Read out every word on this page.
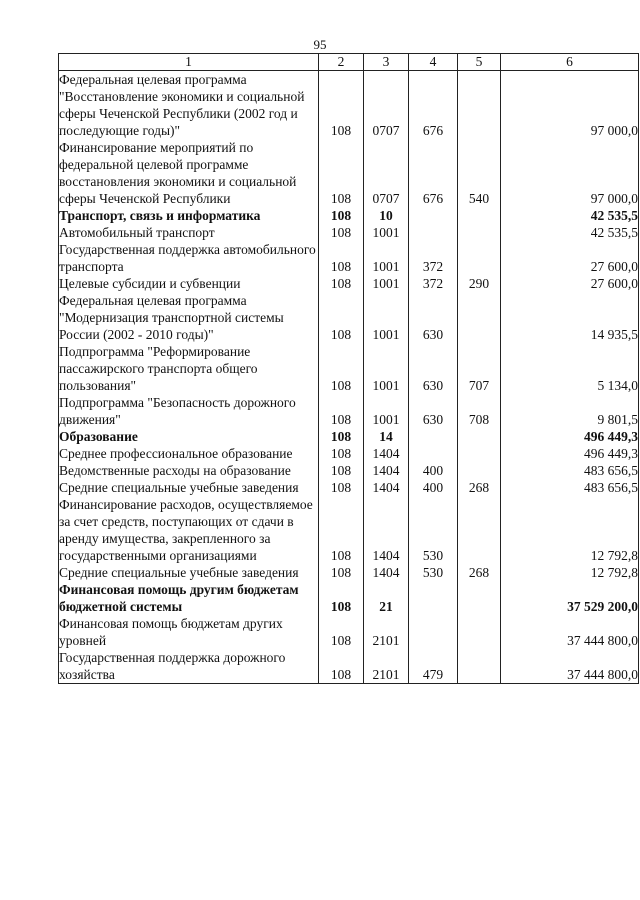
95
1	2	3	4	5	6
Федеральная целевая программа "Восстановление экономики и социальной сферы Чеченской Республики (2002 год и последующие годы)"	108	0707	676		97 000,0
Финансирование мероприятий по федеральной целевой программе восстановления экономики и социальной сферы Чеченской Республики	108	0707	676	540	97 000,0
Транспорт, связь и информатика	108	10			42 535,5
Автомобильный транспорт	108	1001			42 535,5
Государственная поддержка автомобильного транспорта	108	1001	372		27 600,0
Целевые субсидии и субвенции	108	1001	372	290	27 600,0
Федеральная целевая программа "Модернизация транспортной системы России (2002 - 2010 годы)"	108	1001	630		14 935,5
Подпрограмма "Реформирование пассажирского транспорта общего пользования"	108	1001	630	707	5 134,0
Подпрограмма "Безопасность дорожного движения"	108	1001	630	708	9 801,5
Образование	108	14			496 449,3
Среднее профессиональное образование	108	1404			496 449,3
Ведомственные расходы на образование	108	1404	400		483 656,5
Средние специальные учебные заведения	108	1404	400	268	483 656,5
Финансирование расходов, осуществляемое за счет средств, поступающих от сдачи в аренду имущества, закрепленного за государственными организациями	108	1404	530		12 792,8
Средние специальные учебные заведения	108	1404	530	268	12 792,8
Финансовая помощь другим бюджетам бюджетной системы	108	21			37 529 200,0
Финансовая помощь бюджетам других уровней	108	2101			37 444 800,0
Государственная поддержка дорожного хозяйства	108	2101	479		37 444 800,0
